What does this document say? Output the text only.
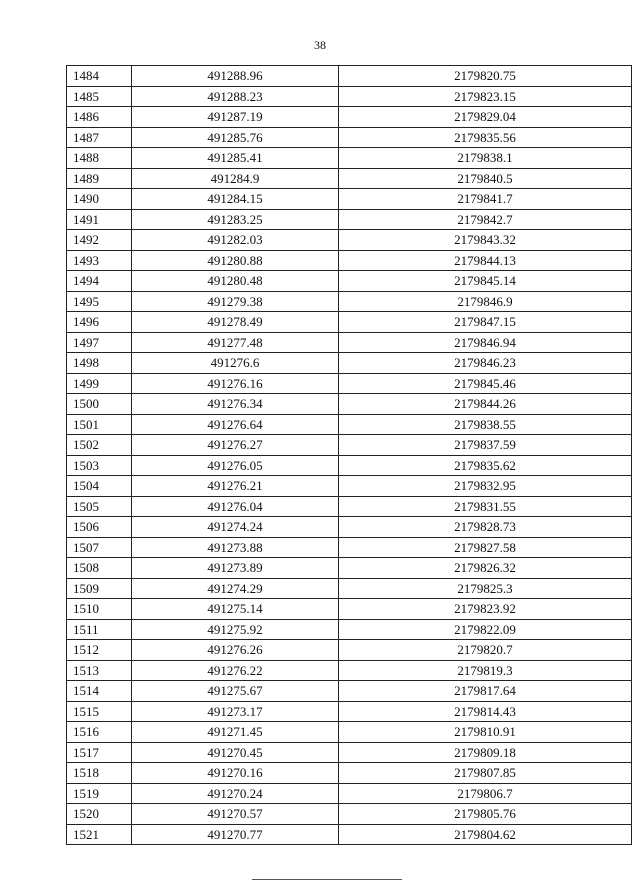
38
1484	491288.96	2179820.75
1485	491288.23	2179823.15
1486	491287.19	2179829.04
1487	491285.76	2179835.56
1488	491285.41	2179838.1
1489	491284.9	2179840.5
1490	491284.15	2179841.7
1491	491283.25	2179842.7
1492	491282.03	2179843.32
1493	491280.88	2179844.13
1494	491280.48	2179845.14
1495	491279.38	2179846.9
1496	491278.49	2179847.15
1497	491277.48	2179846.94
1498	491276.6	2179846.23
1499	491276.16	2179845.46
1500	491276.34	2179844.26
1501	491276.64	2179838.55
1502	491276.27	2179837.59
1503	491276.05	2179835.62
1504	491276.21	2179832.95
1505	491276.04	2179831.55
1506	491274.24	2179828.73
1507	491273.88	2179827.58
1508	491273.89	2179826.32
1509	491274.29	2179825.3
1510	491275.14	2179823.92
1511	491275.92	2179822.09
1512	491276.26	2179820.7
1513	491276.22	2179819.3
1514	491275.67	2179817.64
1515	491273.17	2179814.43
1516	491271.45	2179810.91
1517	491270.45	2179809.18
1518	491270.16	2179807.85
1519	491270.24	2179806.7
1520	491270.57	2179805.76
1521	491270.77	2179804.62
